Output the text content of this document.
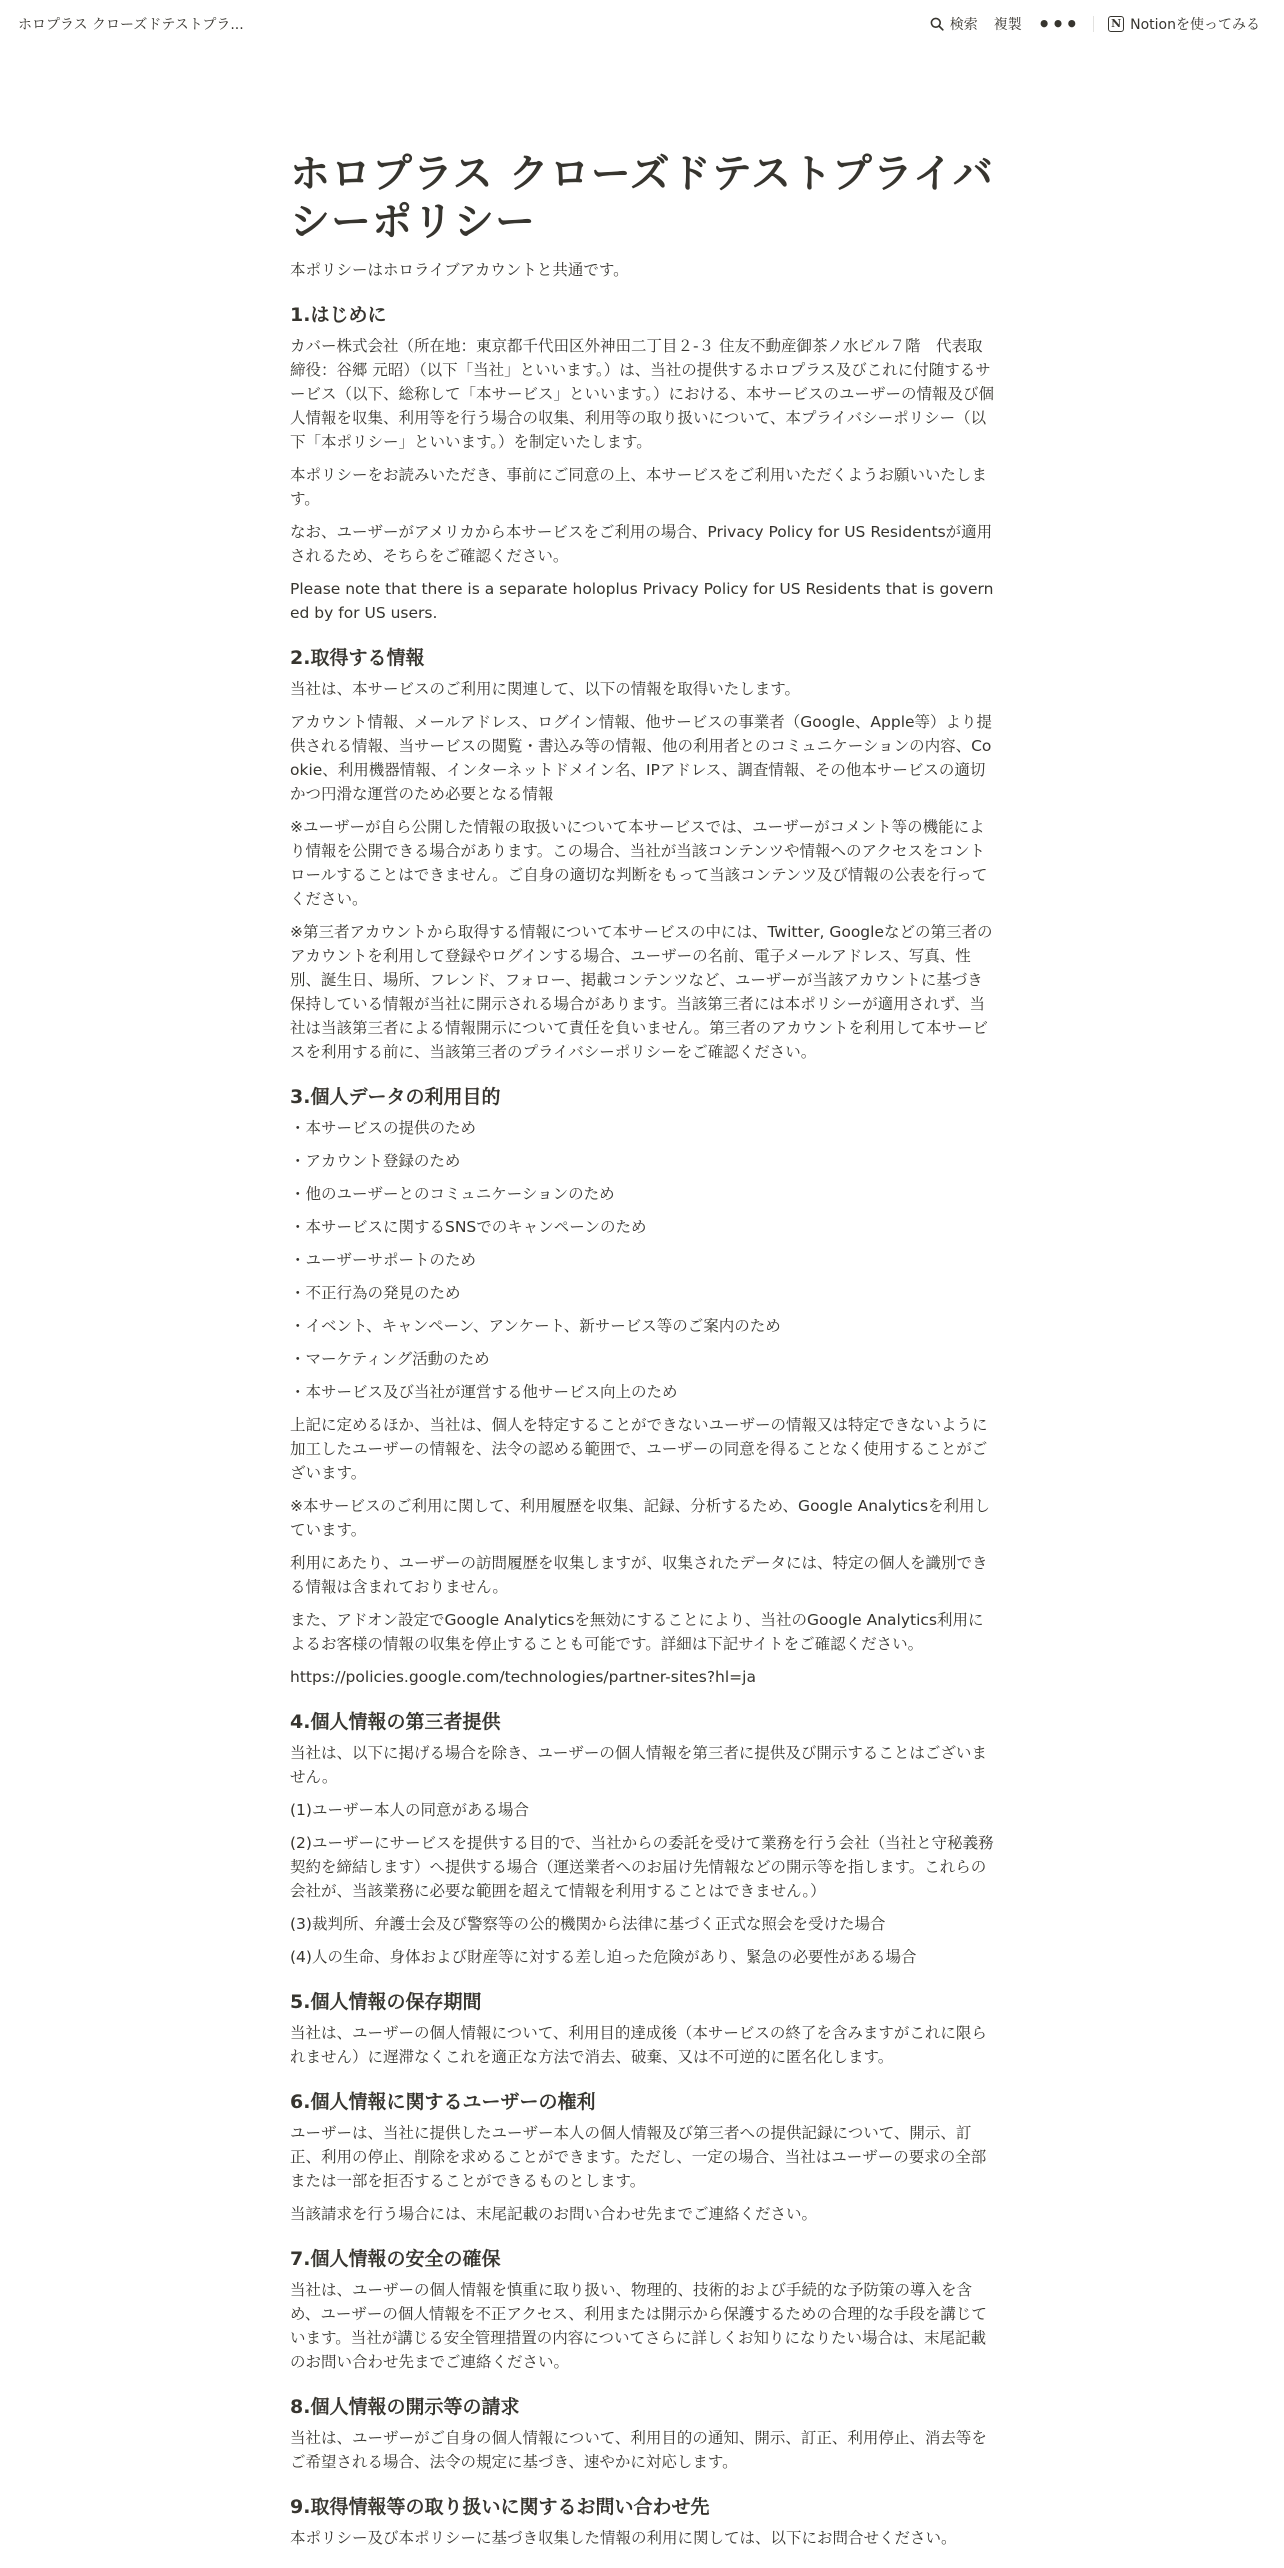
ホロプラス クローズドテストプラ...	検索 複製 •••	N Notionを使ってみる
ホロプラス クローズドテストプライバシーポリシー

本ポリシーはホロライブアカウントと共通です。

1.はじめに

カバー株式会社（所在地：東京都千代田区外神田二丁目２-３ 住友不動産御茶ノ水ビル７階　代表取締役：谷郷 元昭）（以下「当社」といいます。）は、当社の提供するホロプラス及びこれに付随するサービス（以下、総称して「本サービス」といいます。）における、本サービスのユーザーの情報及び個人情報を収集、利用等を行う場合の収集、利用等の取り扱いについて、本プライバシーポリシー（以下「本ポリシー」といいます。）を制定いたします。

本ポリシーをお読みいただき、事前にご同意の上、本サービスをご利用いただくようお願いいたします。

なお、ユーザーがアメリカから本サービスをご利用の場合、Privacy Policy for US Residentsが適用されるため、そちらをご確認ください。

Please note that there is a separate holoplus Privacy Policy for US Residents that is governed by for US users.

2.取得する情報

当社は、本サービスのご利用に関連して、以下の情報を取得いたします。

アカウント情報、メールアドレス、ログイン情報、他サービスの事業者（Google、Apple等）より提供される情報、当サービスの閲覧・書込み等の情報、他の利用者とのコミュニケーションの内容、Cookie、利用機器情報、インターネットドメイン名、IPアドレス、調査情報、その他本サービスの適切かつ円滑な運営のため必要となる情報

※ユーザーが自ら公開した情報の取扱いについて本サービスでは、ユーザーがコメント等の機能により情報を公開できる場合があります。この場合、当社が当該コンテンツや情報へのアクセスをコントロールすることはできません。ご自身の適切な判断をもって当該コンテンツ及び情報の公表を行ってください。

※第三者アカウントから取得する情報について本サービスの中には、Twitter, Googleなどの第三者のアカウントを利用して登録やログインする場合、ユーザーの名前、電子メールアドレス、写真、性別、誕生日、場所、フレンド、フォロー、掲載コンテンツなど、ユーザーが当該アカウントに基づき保持している情報が当社に開示される場合があります。当該第三者には本ポリシーが適用されず、当社は当該第三者による情報開示について責任を負いません。第三者のアカウントを利用して本サービスを利用する前に、当該第三者のプライバシーポリシーをご確認ください。

3.個人データの利用目的

・本サービスの提供のため

・アカウント登録のため

・他のユーザーとのコミュニケーションのため

・本サービスに関するSNSでのキャンペーンのため

・ユーザーサポートのため

・不正行為の発見のため

・イベント、キャンペーン、アンケート、新サービス等のご案内のため

・マーケティング活動のため

・本サービス及び当社が運営する他サービス向上のため

上記に定めるほか、当社は、個人を特定することができないユーザーの情報又は特定できないように加工したユーザーの情報を、法令の認める範囲で、ユーザーの同意を得ることなく使用することがございます。

※本サービスのご利用に関して、利用履歴を収集、記録、分析するため、Google Analyticsを利用しています。

利用にあたり、ユーザーの訪問履歴を収集しますが、収集されたデータには、特定の個人を識別できる情報は含まれておりません。

また、アドオン設定でGoogle Analyticsを無効にすることにより、当社のGoogle Analytics利用によるお客様の情報の収集を停止することも可能です。詳細は下記サイトをご確認ください。

https://policies.google.com/technologies/partner-sites?hl=ja

4.個人情報の第三者提供

当社は、以下に掲げる場合を除き、ユーザーの個人情報を第三者に提供及び開示することはございません。

(1)ユーザー本人の同意がある場合

(2)ユーザーにサービスを提供する目的で、当社からの委託を受けて業務を行う会社（当社と守秘義務契約を締結します）へ提供する場合（運送業者へのお届け先情報などの開示等を指します。これらの会社が、当該業務に必要な範囲を超えて情報を利用することはできません。）

(3)裁判所、弁護士会及び警察等の公的機関から法律に基づく正式な照会を受けた場合

(4)人の生命、身体および財産等に対する差し迫った危険があり、緊急の必要性がある場合

5.個人情報の保存期間

当社は、ユーザーの個人情報について、利用目的達成後（本サービスの終了を含みますがこれに限られません）に遅滞なくこれを適正な方法で消去、破棄、又は不可逆的に匿名化します。

6.個人情報に関するユーザーの権利

ユーザーは、当社に提供したユーザー本人の個人情報及び第三者への提供記録について、開示、訂正、利用の停止、削除を求めることができます。ただし、一定の場合、当社はユーザーの要求の全部または一部を拒否することができるものとします。

当該請求を行う場合には、末尾記載のお問い合わせ先までご連絡ください。

7.個人情報の安全の確保

当社は、ユーザーの個人情報を慎重に取り扱い、物理的、技術的および手続的な予防策の導入を含め、ユーザーの個人情報を不正アクセス、利用または開示から保護するための合理的な手段を講じています。当社が講じる安全管理措置の内容についてさらに詳しくお知りになりたい場合は、末尾記載のお問い合わせ先までご連絡ください。

8.個人情報の開示等の請求

当社は、ユーザーがご自身の個人情報について、利用目的の通知、開示、訂正、利用停止、消去等をご希望される場合、法令の規定に基づき、速やかに対応します。

9.取得情報等の取り扱いに関するお問い合わせ先

本ポリシー及び本ポリシーに基づき収集した情報の利用に関しては、以下にお問合せください。
